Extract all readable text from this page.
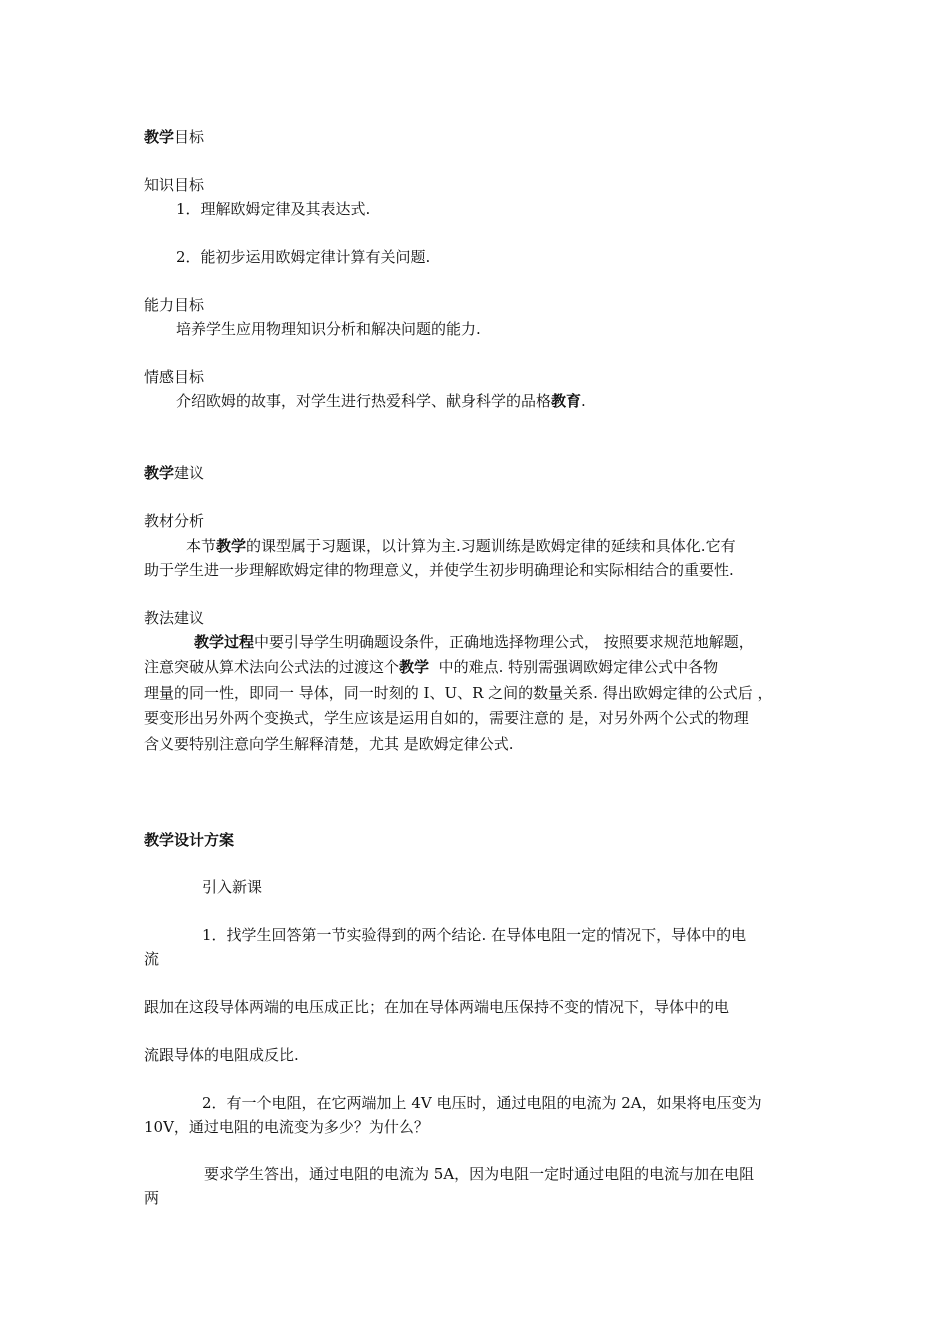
教学目标
知识目标
1．理解欧姆定律及其表达式.
2．能初步运用欧姆定律计算有关问题.
能力目标
培养学生应用物理知识分析和解决问题的能力.
情感目标
介绍欧姆的故事，对学生进行热爱科学、献身科学的品格教育.
教学建议
教材分析
本节教学的课型属于习题课，以计算为主.习题训练是欧姆定律的延续和具体化.它有
助于学生进一步理解欧姆定律的物理意义，并使学生初步明确理论和实际相结合的重要性.
教法建议
教学过程中要引导学生明确题设条件，正确地选择物理公式， 按照要求规范地解题，
注意突破从算术法向公式法的过渡这个教学  中的难点. 特别需强调欧姆定律公式中各物
理量的同一性，即同一 导体，同一时刻的 I、U、R 之间的数量关系. 得出欧姆定律的公式后 ，
要变形出另外两个变换式，学生应该是运用自如的，需要注意的 是，对另外两个公式的物理
含义要特别注意向学生解释清楚，尤其 是欧姆定律公式.
教学设计方案
引入新课
1．找学生回答第一节实验得到的两个结论. 在导体电阻一定的情况下，导体中的电
流
跟加在这段导体两端的电压成正比；在加在导体两端电压保持不变的情况下，导体中的电
流跟导体的电阻成反比.
2．有一个电阻，在它两端加上 4V 电压时，通过电阻的电流为 2A，如果将电压变为
10V，通过电阻的电流变为多少？为什么？
要求学生答出，通过电阻的电流为 5A，因为电阻一定时通过电阻的电流与加在电阻
两
